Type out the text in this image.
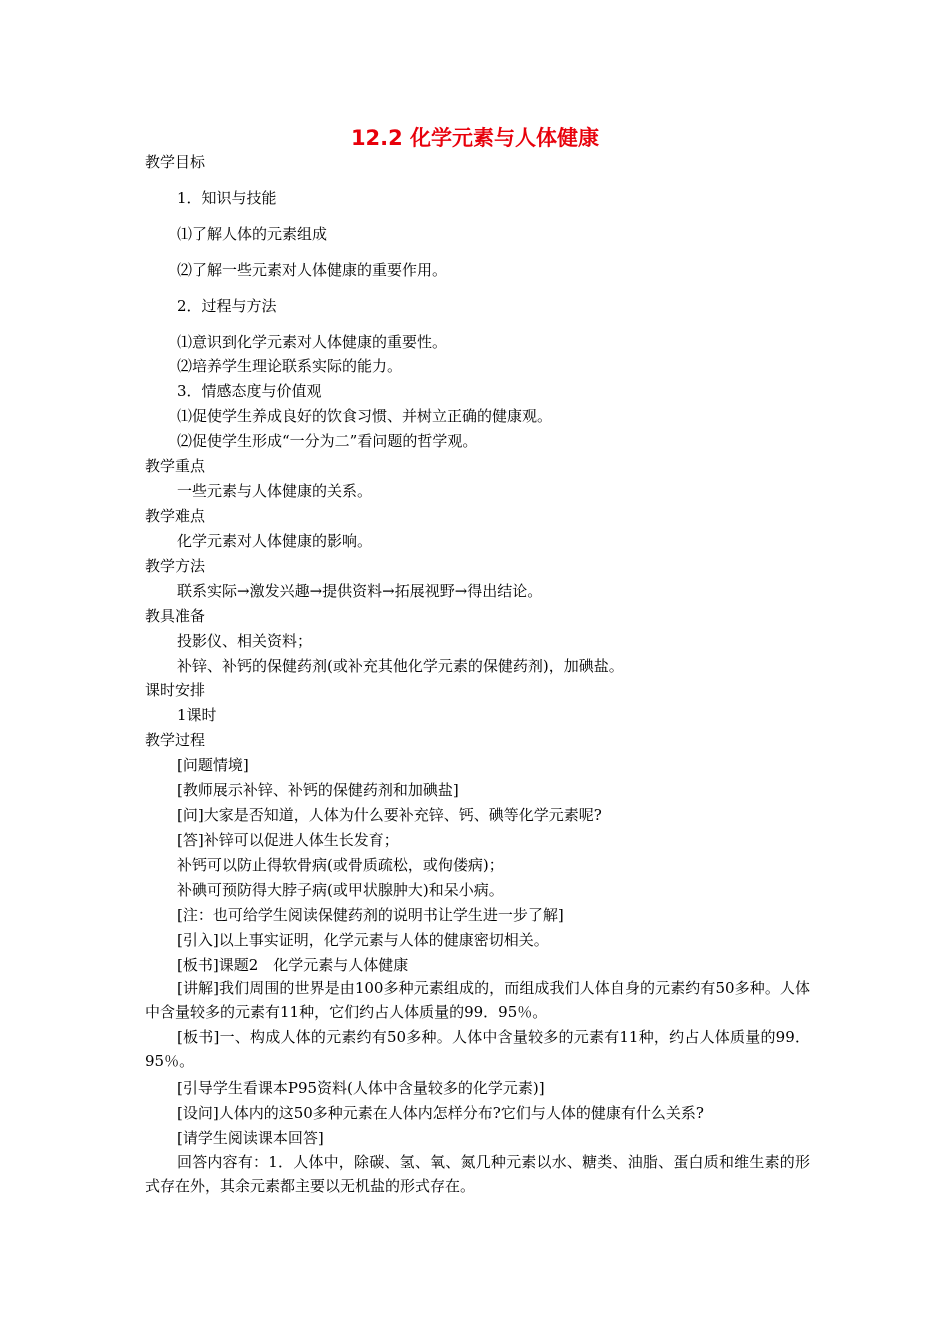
12.2 化学元素与人体健康
教学目标
1．知识与技能
⑴了解人体的元素组成
⑵了解一些元素对人体健康的重要作用。
2．过程与方法
⑴意识到化学元素对人体健康的重要性。
⑵培养学生理论联系实际的能力。
3．情感态度与价值观
⑴促使学生养成良好的饮食习惯、并树立正确的健康观。
⑵促使学生形成“一分为二”看问题的哲学观。
教学重点
一些元素与人体健康的关系。
教学难点
化学元素对人体健康的影响。
教学方法
联系实际→激发兴趣→提供资料→拓展视野→得出结论。
教具准备
投影仪、相关资料；
补锌、补钙的保健药剂(或补充其他化学元素的保健药剂)，加碘盐。
课时安排
1课时
教学过程
[问题情境]
[教师展示补锌、补钙的保健药剂和加碘盐]
[问]大家是否知道，人体为什么要补充锌、钙、碘等化学元素呢?
[答]补锌可以促进人体生长发育；
补钙可以防止得软骨病(或骨质疏松，或佝偻病)；
补碘可预防得大脖子病(或甲状腺肿大)和呆小病。
[注：也可给学生阅读保健药剂的说明书让学生进一步了解]
[引入]以上事实证明，化学元素与人体的健康密切相关。
[板书]课题2　化学元素与人体健康
[讲解]我们周围的世界是由100多种元素组成的，而组成我们人体自身的元素约有50多种。人体中含量较多的元素有11种，它们约占人体质量的99．95％。
[板书]一、构成人体的元素约有50多种。人体中含量较多的元素有11种，约占人体质量的99．95％。
[引导学生看课本P95资料(人体中含量较多的化学元素)]
[设问]人体内的这50多种元素在人体内怎样分布?它们与人体的健康有什么关系?
[请学生阅读课本回答]
回答内容有：1．人体中，除碳、氢、氧、氮几种元素以水、糖类、油脂、蛋白质和维生素的形式存在外，其余元素都主要以无机盐的形式存在。
